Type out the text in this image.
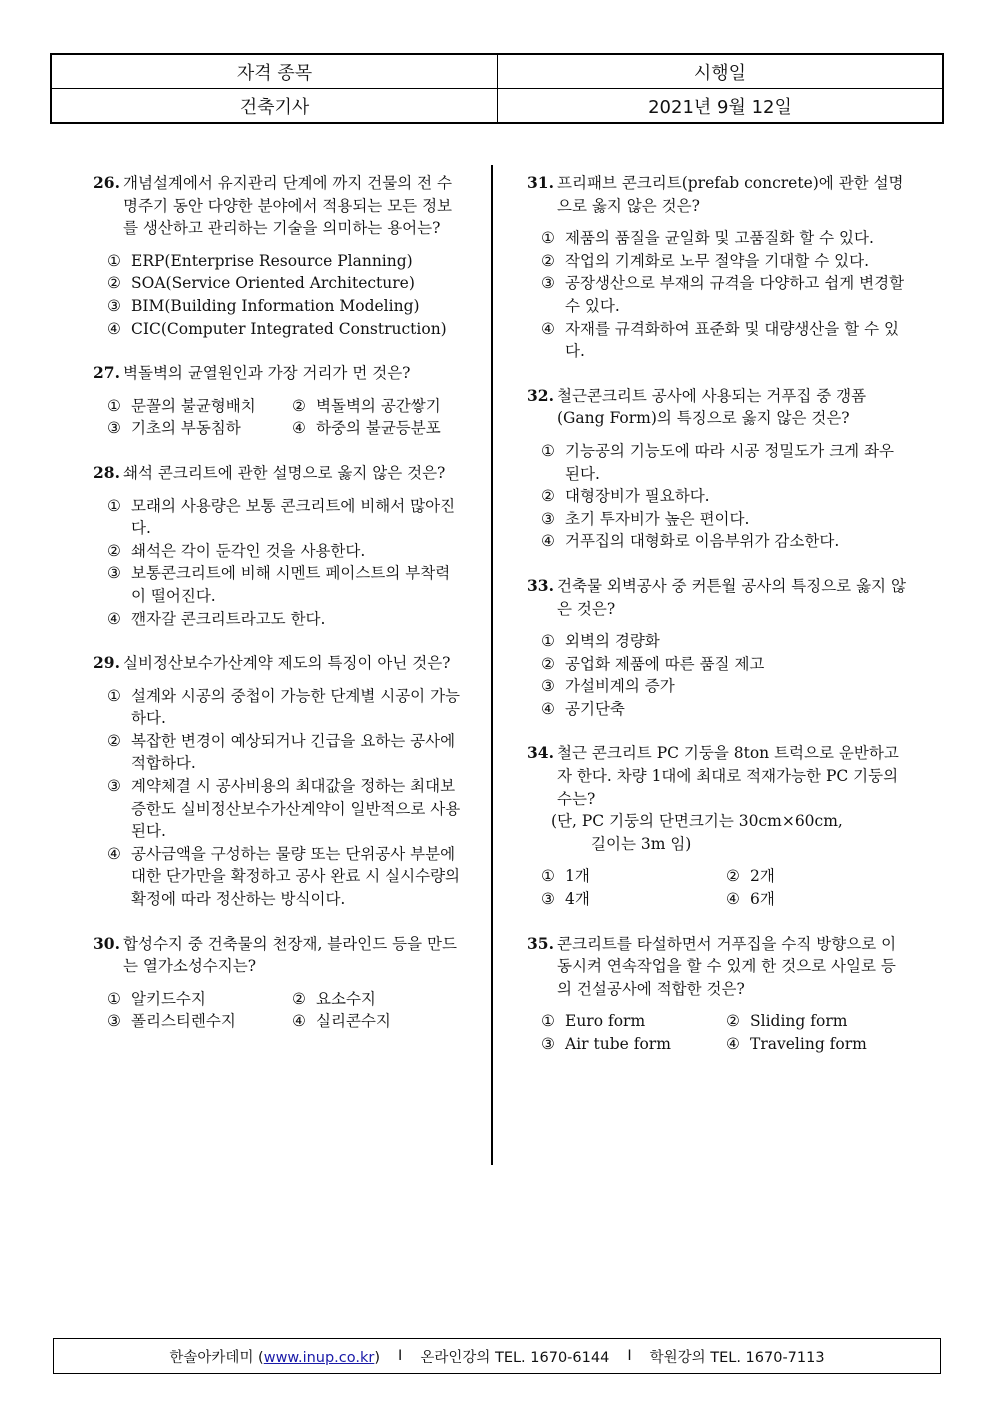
자격 종목	시행일
건축기사	2021년 9월 12일
26. 개념설계에서 유지관리 단계에 까지 건물의 전 수명주기 동안 다양한 분야에서 적용되는 모든 정보를 생산하고 관리하는 기술을 의미하는 용어는?
① ERP(Enterprise Resource Planning)
② SOA(Service Oriented Architecture)
③ BIM(Building Information Modeling)
④ CIC(Computer Integrated Construction)
27. 벽돌벽의 균열원인과 가장 거리가 먼 것은?
① 문꼴의 불균형배치	② 벽돌벽의 공간쌓기
③ 기초의 부동침하	④ 하중의 불균등분포
28. 쇄석 콘크리트에 관한 설명으로 옳지 않은 것은?
① 모래의 사용량은 보통 콘크리트에 비해서 많아진다.
② 쇄석은 각이 둔각인 것을 사용한다.
③ 보통콘크리트에 비해 시멘트 페이스트의 부착력이 떨어진다.
④ 깬자갈 콘크리트라고도 한다.
29. 실비정산보수가산계약 제도의 특징이 아닌 것은?
① 설계와 시공의 중첩이 가능한 단계별 시공이 가능하다.
② 복잡한 변경이 예상되거나 긴급을 요하는 공사에 적합하다.
③ 계약체결 시 공사비용의 최대값을 정하는 최대보증한도 실비정산보수가산계약이 일반적으로 사용된다.
④ 공사금액을 구성하는 물량 또는 단위공사 부분에 대한 단가만을 확정하고 공사 완료 시 실시수량의 확정에 따라 정산하는 방식이다.
30. 합성수지 중 건축물의 천장재, 블라인드 등을 만드는 열가소성수지는?
① 알키드수지	② 요소수지
③ 폴리스티렌수지	④ 실리콘수지
31. 프리패브 콘크리트(prefab concrete)에 관한 설명으로 옳지 않은 것은?
① 제품의 품질을 균일화 및 고품질화 할 수 있다.
② 작업의 기계화로 노무 절약을 기대할 수 있다.
③ 공장생산으로 부재의 규격을 다양하고 쉽게 변경할 수 있다.
④ 자재를 규격화하여 표준화 및 대량생산을 할 수 있다.
32. 철근콘크리트 공사에 사용되는 거푸집 중 갱폼(Gang Form)의 특징으로 옳지 않은 것은?
① 기능공의 기능도에 따라 시공 정밀도가 크게 좌우된다.
② 대형장비가 필요하다.
③ 초기 투자비가 높은 편이다.
④ 거푸집의 대형화로 이음부위가 감소한다.
33. 건축물 외벽공사 중 커튼월 공사의 특징으로 옳지 않은 것은?
① 외벽의 경량화
② 공업화 제품에 따른 품질 제고
③ 가설비계의 증가
④ 공기단축
34. 철근 콘크리트 PC 기둥을 8ton 트럭으로 운반하고자 한다. 차량 1대에 최대로 적재가능한 PC 기둥의 수는?
(단, PC 기둥의 단면크기는 30cm×60cm,
길이는 3m 임)
① 1개	② 2개
③ 4개	④ 6개
35. 콘크리트를 타설하면서 거푸집을 수직 방향으로 이동시켜 연속작업을 할 수 있게 한 것으로 사일로 등의 건설공사에 적합한 것은?
① Euro form	② Sliding form
③ Air tube form	④ Traveling form
한솔아카데미 (www.inup.co.kr)	I	온라인강의 TEL. 1670-6144	I	학원강의 TEL. 1670-7113
